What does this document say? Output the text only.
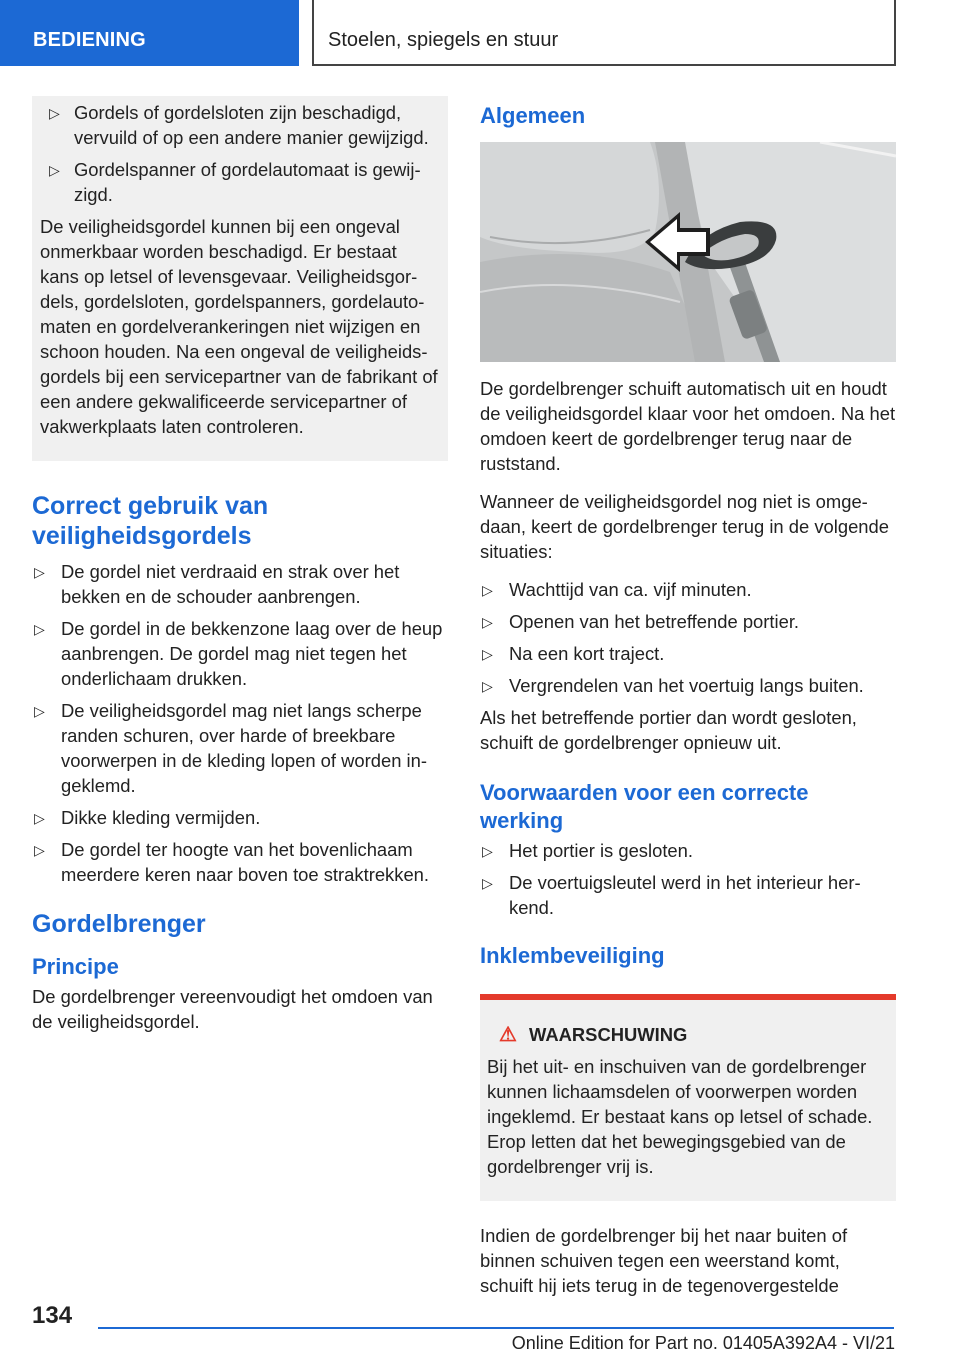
BEDIENING	Stoelen, spiegels en stuur
▷ Gordels of gordelsloten zijn beschadigd, vervuild of op een andere manier gewijzigd.
▷ Gordelspanner of gordelautomaat is gewijzigd.
De veiligheidsgordel kunnen bij een ongeval onmerkbaar worden beschadigd. Er bestaat kans op letsel of levensgevaar. Veiligheidsgordels, gordelsloten, gordelspanners, gordelautomaten en gordelverankeringen niet wijzigen en schoon houden. Na een ongeval de veiligheidsgordels bij een servicepartner van de fabrikant of een andere gekwalificeerde servicepartner of vakwerkplaats laten controleren.
Correct gebruik van veiligheidsgordels
▷ De gordel niet verdraaid en strak over het bekken en de schouder aanbrengen.
▷ De gordel in de bekkenzone laag over de heup aanbrengen. De gordel mag niet tegen het onderlichaam drukken.
▷ De veiligheidsgordel mag niet langs scherpe randen schuren, over harde of breekbare voorwerpen in de kleding lopen of worden ingeklemd.
▷ Dikke kleding vermijden.
▷ De gordel ter hoogte van het bovenlichaam meerdere keren naar boven toe straktrekken.
Gordelbrenger
Principe
De gordelbrenger vereenvoudigt het omdoen van de veiligheidsgordel.
Algemeen
De gordelbrenger schuift automatisch uit en houdt de veiligheidsgordel klaar voor het omdoen. Na het omdoen keert de gordelbrenger terug naar de ruststand.
Wanneer de veiligheidsgordel nog niet is omgedaan, keert de gordelbrenger terug in de volgende situaties:
▷ Wachttijd van ca. vijf minuten.
▷ Openen van het betreffende portier.
▷ Na een kort traject.
▷ Vergrendelen van het voertuig langs buiten.
Als het betreffende portier dan wordt gesloten, schuift de gordelbrenger opnieuw uit.
Voorwaarden voor een correcte werking
▷ Het portier is gesloten.
▷ De voertuigsleutel werd in het interieur herkend.
Inklembeveiliging
⚠ WAARSCHUWING
Bij het uit- en inschuiven van de gordelbrenger kunnen lichaamsdelen of voorwerpen worden ingeklemd. Er bestaat kans op letsel of schade. Erop letten dat het bewegingsgebied van de gordelbrenger vrij is.
Indien de gordelbrenger bij het naar buiten of binnen schuiven tegen een weerstand komt, schuift hij iets terug in de tegenovergestelde
134
Online Edition for Part no. 01405A392A4 - VI/21
